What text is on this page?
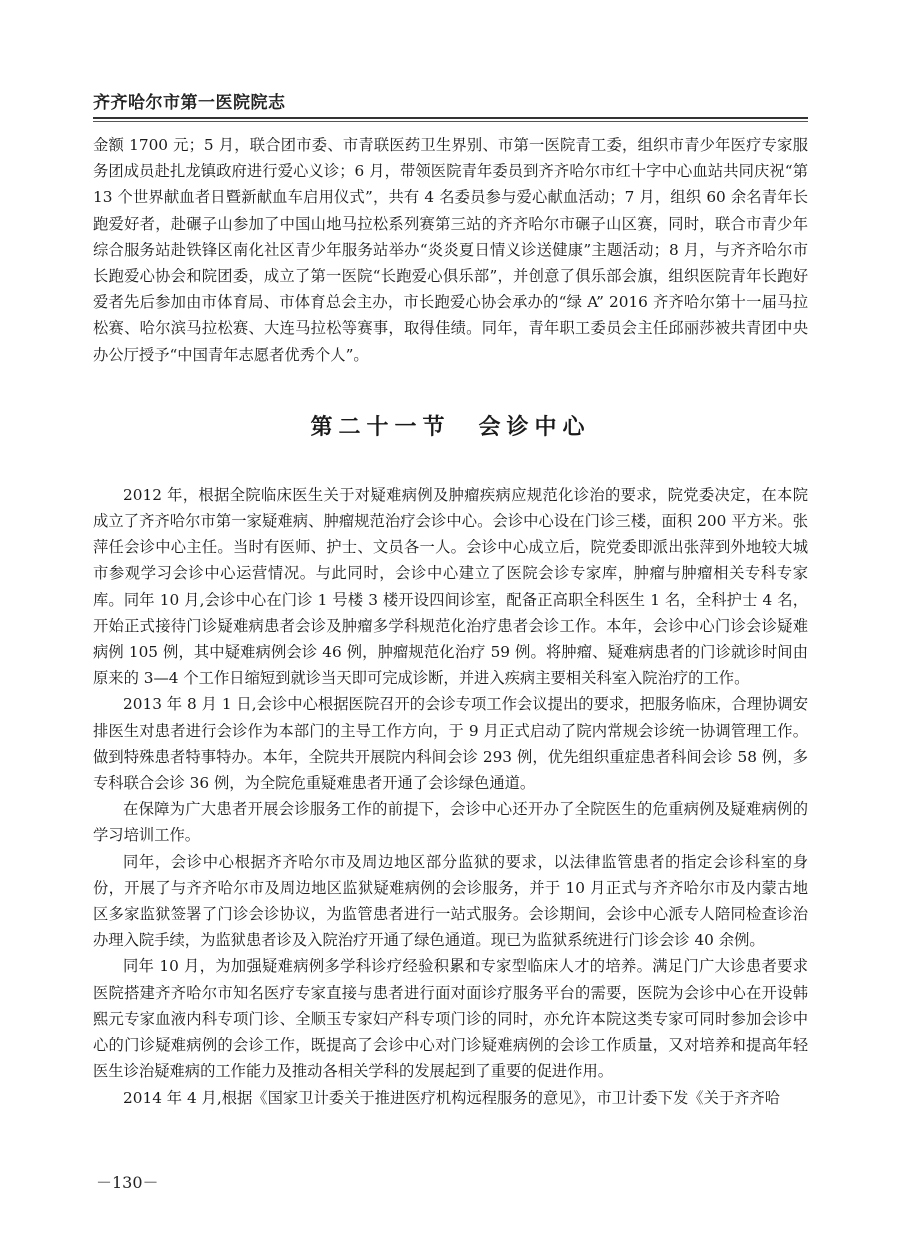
齐齐哈尔市第一医院院志

金额 1700 元；5 月，联合团市委、市青联医药卫生界别、市第一医院青工委，组织市青少年医疗专家服务团成员赴扎龙镇政府进行爱心义诊；6 月，带领医院青年委员到齐齐哈尔市红十字中心血站共同庆祝“第 13 个世界献血者日暨新献血车启用仪式”，共有 4 名委员参与爱心献血活动；7 月，组织 60 余名青年长跑爱好者，赴碾子山参加了中国山地马拉松系列赛第三站的齐齐哈尔市碾子山区赛，同时，联合市青少年综合服务站赴铁锋区南化社区青少年服务站举办“炎炎夏日情义诊送健康”主题活动；8 月，与齐齐哈尔市长跑爱心协会和院团委，成立了第一医院“长跑爱心俱乐部”，并创意了俱乐部会旗，组织医院青年长跑好爱者先后参加由市体育局、市体育总会主办，市长跑爱心协会承办的“绿 A” 2016 齐齐哈尔第十一届马拉松赛、哈尔滨马拉松赛、大连马拉松等赛事，取得佳绩。同年，青年职工委员会主任邱丽莎被共青团中央办公厅授予“中国青年志愿者优秀个人”。

第二十一节　会诊中心

2012 年，根据全院临床医生关于对疑难病例及肿瘤疾病应规范化诊治的要求，院党委决定，在本院成立了齐齐哈尔市第一家疑难病、肿瘤规范治疗会诊中心。会诊中心设在门诊三楼，面积 200 平方米。张萍任会诊中心主任。当时有医师、护士、文员各一人。会诊中心成立后，院党委即派出张萍到外地较大城市参观学习会诊中心运营情况。与此同时，会诊中心建立了医院会诊专家库，肿瘤与肿瘤相关专科专家库。同年 10 月,会诊中心在门诊 1 号楼 3 楼开设四间诊室，配备正高职全科医生 1 名，全科护士 4 名，开始正式接待门诊疑难病患者会诊及肿瘤多学科规范化治疗患者会诊工作。本年，会诊中心门诊会诊疑难病例 105 例，其中疑难病例会诊 46 例，肿瘤规范化治疗 59 例。将肿瘤、疑难病患者的门诊就诊时间由原来的 3—4 个工作日缩短到就诊当天即可完成诊断，并进入疾病主要相关科室入院治疗的工作。

2013 年 8 月 1 日,会诊中心根据医院召开的会诊专项工作会议提出的要求，把服务临床，合理协调安排医生对患者进行会诊作为本部门的主导工作方向，于 9 月正式启动了院内常规会诊统一协调管理工作。做到特殊患者特事特办。本年，全院共开展院内科间会诊 293 例，优先组织重症患者科间会诊 58 例，多专科联合会诊 36 例，为全院危重疑难患者开通了会诊绿色通道。

在保障为广大患者开展会诊服务工作的前提下，会诊中心还开办了全院医生的危重病例及疑难病例的学习培训工作。

同年，会诊中心根据齐齐哈尔市及周边地区部分监狱的要求，以法律监管患者的指定会诊科室的身份，开展了与齐齐哈尔市及周边地区监狱疑难病例的会诊服务，并于 10 月正式与齐齐哈尔市及内蒙古地区多家监狱签署了门诊会诊协议，为监管患者进行一站式服务。会诊期间，会诊中心派专人陪同检查诊治办理入院手续，为监狱患者诊及入院治疗开通了绿色通道。现已为监狱系统进行门诊会诊 40 余例。

同年 10 月，为加强疑难病例多学科诊疗经验积累和专家型临床人才的培养。满足门广大诊患者要求医院搭建齐齐哈尔市知名医疗专家直接与患者进行面对面诊疗服务平台的需要，医院为会诊中心在开设韩熙元专家血液内科专项门诊、全顺玉专家妇产科专项门诊的同时，亦允许本院这类专家可同时参加会诊中心的门诊疑难病例的会诊工作，既提高了会诊中心对门诊疑难病例的会诊工作质量，又对培养和提高年轻医生诊治疑难病的工作能力及推动各相关学科的发展起到了重要的促进作用。

2014 年 4 月,根据《国家卫计委关于推进医疗机构远程服务的意见》，市卫计委下发《关于齐齐哈

－130－
